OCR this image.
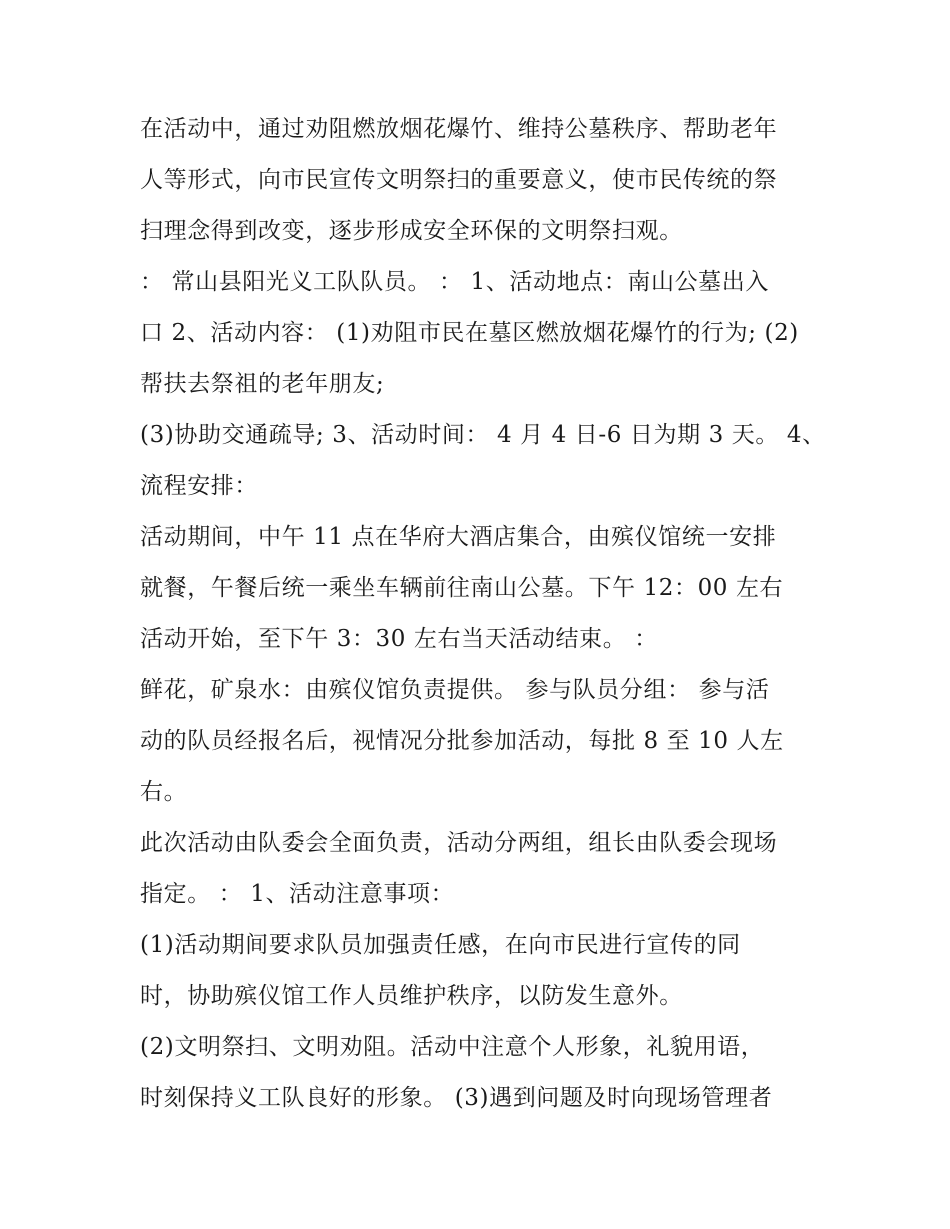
在活动中，通过劝阻燃放烟花爆竹、维持公墓秩序、帮助老年
人等形式，向市民宣传文明祭扫的重要意义，使市民传统的祭
扫理念得到改变，逐步形成安全环保的文明祭扫观。
： 常山县阳光义工队队员。 ： 1、活动地点：南山公墓出入
口 2、活动内容： (1)劝阻市民在墓区燃放烟花爆竹的行为; (2)
帮扶去祭祖的老年朋友;
(3)协助交通疏导; 3、活动时间： 4 月 4 日-6 日为期 3 天。 4、
流程安排：
活动期间，中午 11 点在华府大酒店集合，由殡仪馆统一安排
就餐，午餐后统一乘坐车辆前往南山公墓。下午 12：00 左右
活动开始，至下午 3：30 左右当天活动结束。 ：
鲜花，矿泉水：由殡仪馆负责提供。 参与队员分组： 参与活
动的队员经报名后，视情况分批参加活动，每批 8 至 10 人左
右。
此次活动由队委会全面负责，活动分两组，组长由队委会现场
指定。 ： 1、活动注意事项：
(1)活动期间要求队员加强责任感，在向市民进行宣传的同
时，协助殡仪馆工作人员维护秩序，以防发生意外。
(2)文明祭扫、文明劝阻。活动中注意个人形象，礼貌用语，
时刻保持义工队良好的形象。 (3)遇到问题及时向现场管理者
